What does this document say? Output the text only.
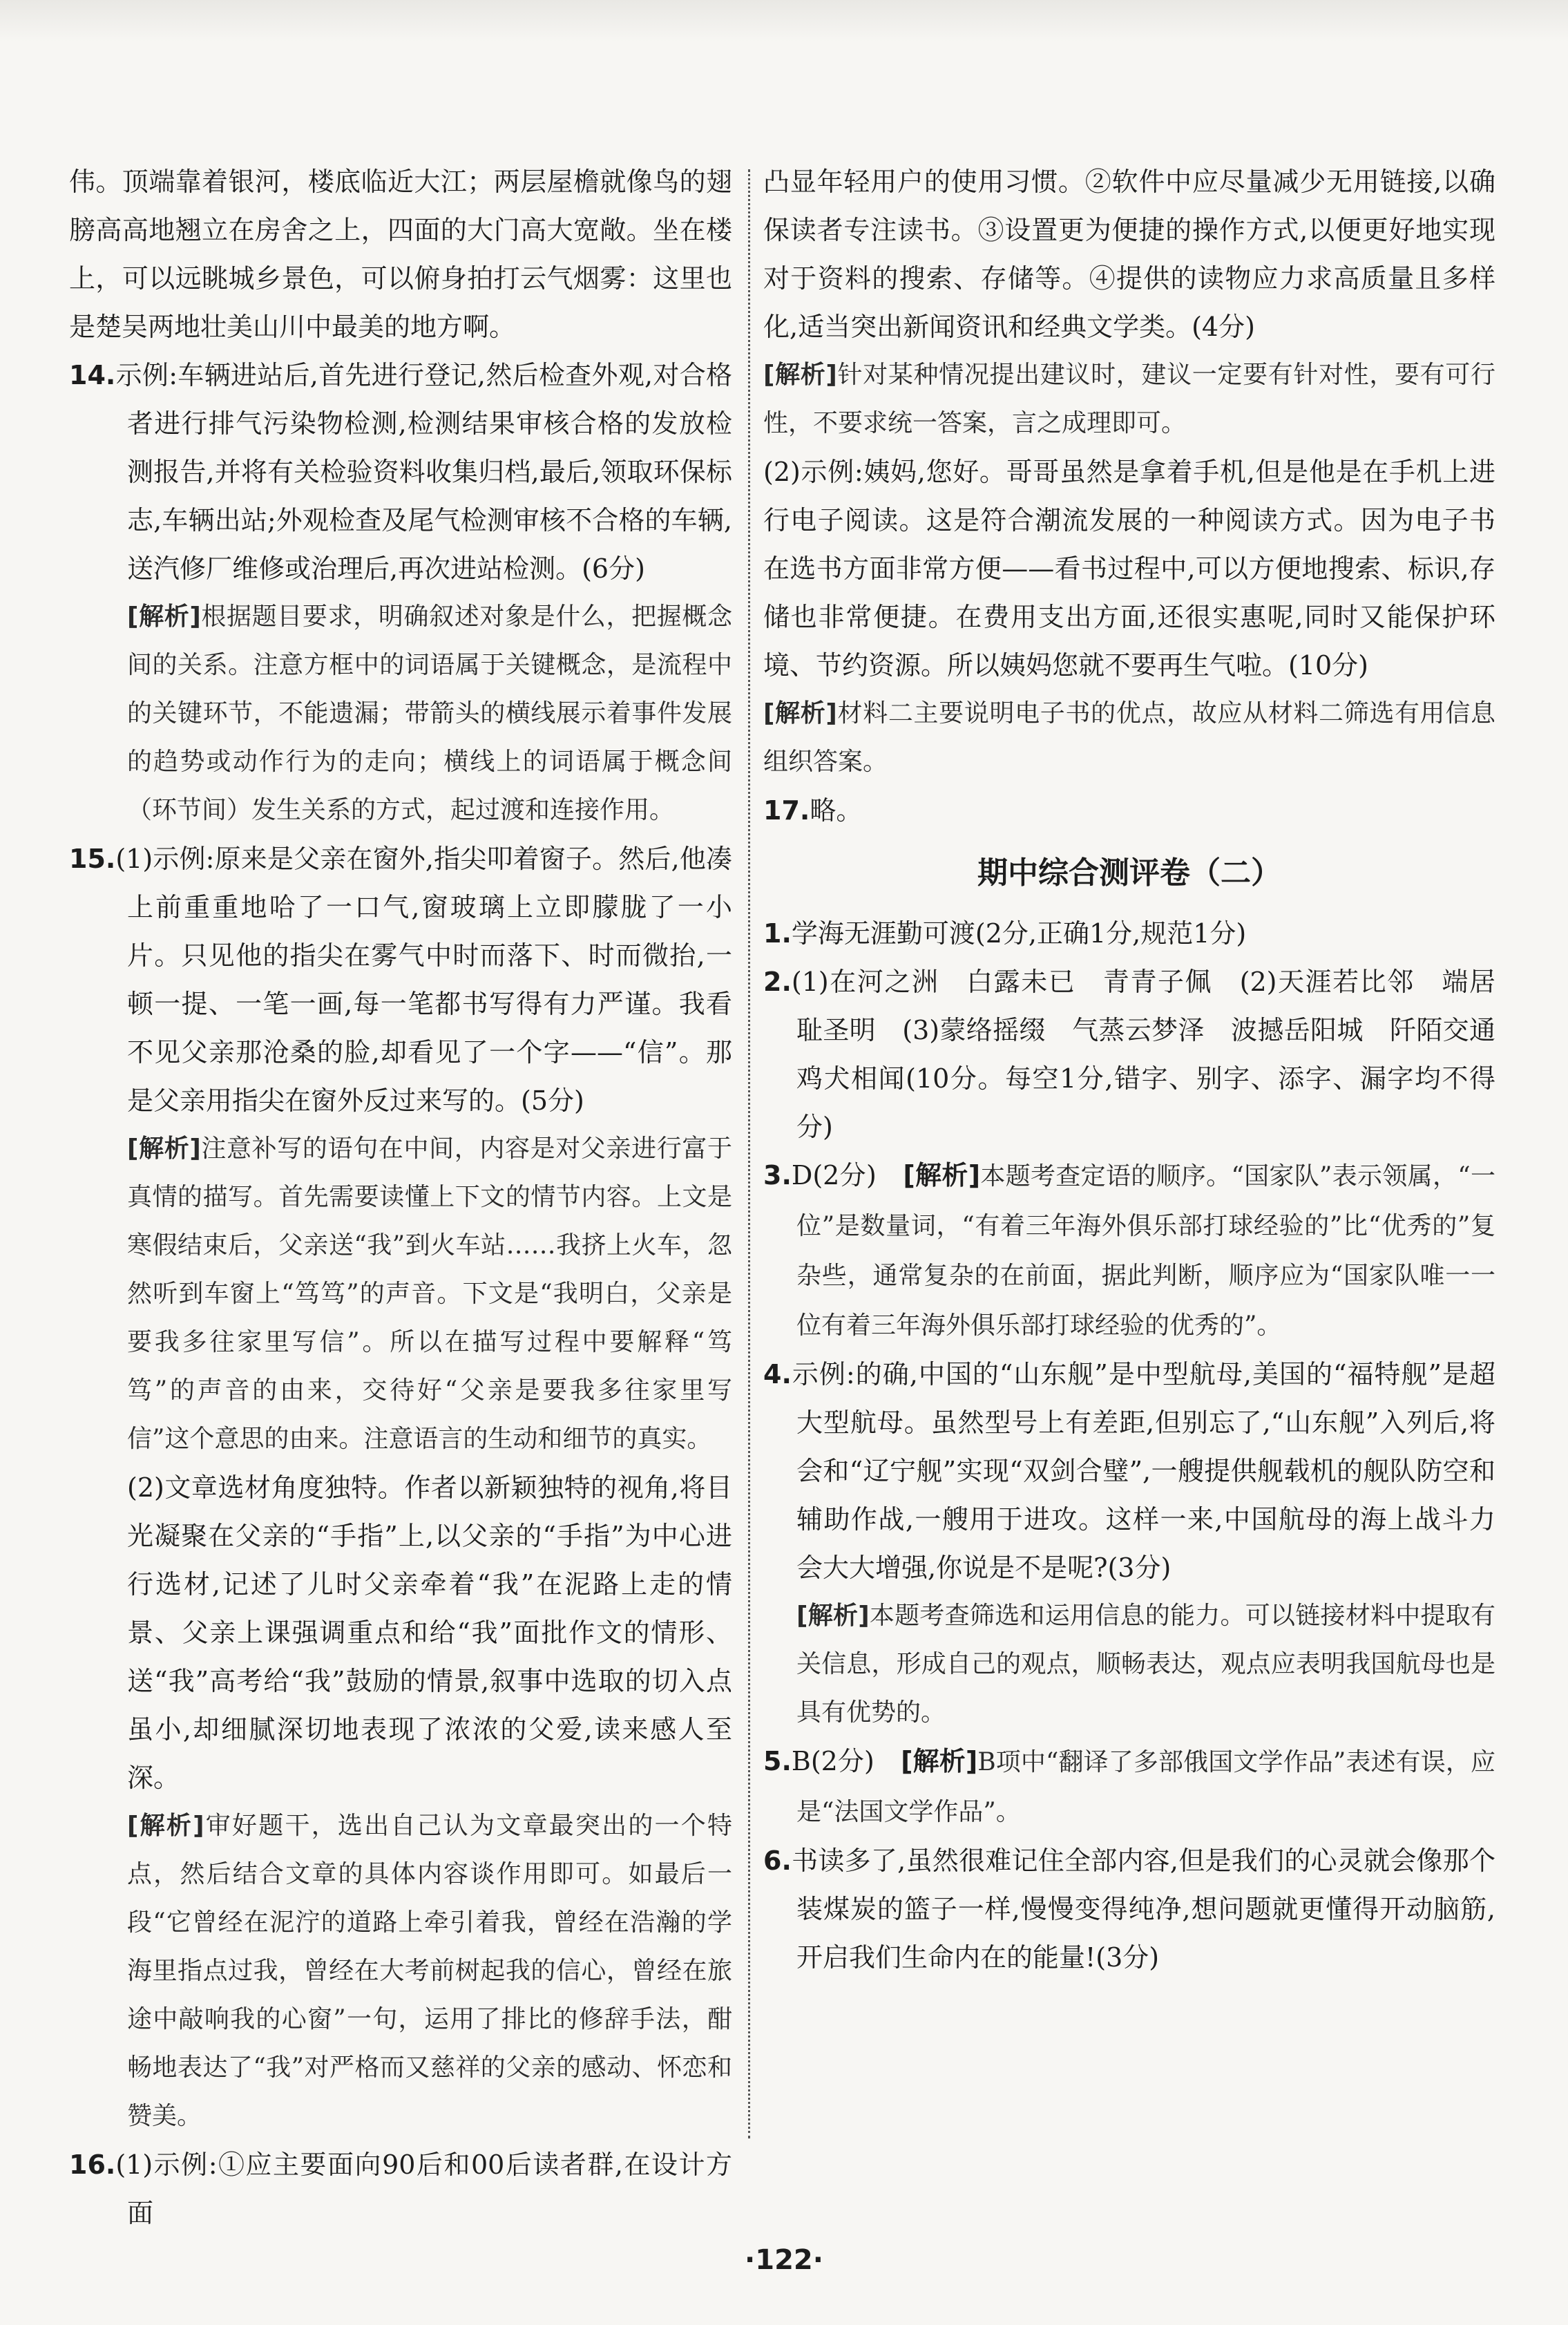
伟。顶端靠着银河，楼底临近大江；两层屋檐就像鸟的翅膀高高地翘立在房舍之上，四面的大门高大宽敞。坐在楼上，可以远眺城乡景色，可以俯身拍打云气烟雾：这里也是楚吴两地壮美山川中最美的地方啊。

14.示例:车辆进站后,首先进行登记,然后检查外观,对合格者进行排气污染物检测,检测结果审核合格的发放检测报告,并将有关检验资料收集归档,最后,领取环保标志,车辆出站;外观检查及尾气检测审核不合格的车辆,送汽修厂维修或治理后,再次进站检测。(6分)

[解析]根据题目要求，明确叙述对象是什么，把握概念间的关系。注意方框中的词语属于关键概念，是流程中的关键环节，不能遗漏；带箭头的横线展示着事件发展的趋势或动作行为的走向；横线上的词语属于概念间（环节间）发生关系的方式，起过渡和连接作用。

15.(1)示例:原来是父亲在窗外,指尖叩着窗子。然后,他凑上前重重地哈了一口气,窗玻璃上立即朦胧了一小片。只见他的指尖在雾气中时而落下、时而微抬,一顿一提、一笔一画,每一笔都书写得有力严谨。我看不见父亲那沧桑的脸,却看见了一个字——“信”。那是父亲用指尖在窗外反过来写的。(5分)

[解析]注意补写的语句在中间，内容是对父亲进行富于真情的描写。首先需要读懂上下文的情节内容。上文是寒假结束后，父亲送“我”到火车站……我挤上火车，忽然听到车窗上“笃笃”的声音。下文是“我明白，父亲是要我多往家里写信”。所以在描写过程中要解释“笃笃”的声音的由来，交待好“父亲是要我多往家里写信”这个意思的由来。注意语言的生动和细节的真实。

(2)文章选材角度独特。作者以新颖独特的视角,将目光凝聚在父亲的“手指”上,以父亲的“手指”为中心进行选材,记述了儿时父亲牵着“我”在泥路上走的情景、父亲上课强调重点和给“我”面批作文的情形、送“我”高考给“我”鼓励的情景,叙事中选取的切入点虽小,却细腻深切地表现了浓浓的父爱,读来感人至深。

[解析]审好题干，选出自己认为文章最突出的一个特点，然后结合文章的具体内容谈作用即可。如最后一段“它曾经在泥泞的道路上牵引着我，曾经在浩瀚的学海里指点过我，曾经在大考前树起我的信心，曾经在旅途中敲响我的心窗”一句，运用了排比的修辞手法，酣畅地表达了“我”对严格而又慈祥的父亲的感动、怀恋和赞美。

16.(1)示例:①应主要面向90后和00后读者群,在设计方面

凸显年轻用户的使用习惯。②软件中应尽量减少无用链接,以确保读者专注读书。③设置更为便捷的操作方式,以便更好地实现对于资料的搜索、存储等。④提供的读物应力求高质量且多样化,适当突出新闻资讯和经典文学类。(4分)

[解析]针对某种情况提出建议时，建议一定要有针对性，要有可行性，不要求统一答案，言之成理即可。

(2)示例:姨妈,您好。哥哥虽然是拿着手机,但是他是在手机上进行电子阅读。这是符合潮流发展的一种阅读方式。因为电子书在选书方面非常方便——看书过程中,可以方便地搜索、标识,存储也非常便捷。在费用支出方面,还很实惠呢,同时又能保护环境、节约资源。所以姨妈您就不要再生气啦。(10分)

[解析]材料二主要说明电子书的优点，故应从材料二筛选有用信息组织答案。

17.略。

期中综合测评卷（二）

1.学海无涯勤可渡(2分,正确1分,规范1分)

2.(1)在河之洲　白露未已　青青子佩　(2)天涯若比邻　端居耻圣明　(3)蒙络摇缀　气蒸云梦泽　波撼岳阳城　阡陌交通　鸡犬相闻(10分。每空1分,错字、别字、添字、漏字均不得分)

3.D(2分)　[解析]本题考查定语的顺序。“国家队”表示领属，“一位”是数量词，“有着三年海外俱乐部打球经验的”比“优秀的”复杂些，通常复杂的在前面，据此判断，顺序应为“国家队唯一一位有着三年海外俱乐部打球经验的优秀的”。

4.示例:的确,中国的“山东舰”是中型航母,美国的“福特舰”是超大型航母。虽然型号上有差距,但别忘了,“山东舰”入列后,将会和“辽宁舰”实现“双剑合璧”,一艘提供舰载机的舰队防空和辅助作战,一艘用于进攻。这样一来,中国航母的海上战斗力会大大增强,你说是不是呢?(3分)

[解析]本题考查筛选和运用信息的能力。可以链接材料中提取有关信息，形成自己的观点，顺畅表达，观点应表明我国航母也是具有优势的。

5.B(2分)　[解析]B项中“翻译了多部俄国文学作品”表述有误，应是“法国文学作品”。

6.书读多了,虽然很难记住全部内容,但是我们的心灵就会像那个装煤炭的篮子一样,慢慢变得纯净,想问题就更懂得开动脑筋,开启我们生命内在的能量!(3分)

·122·
